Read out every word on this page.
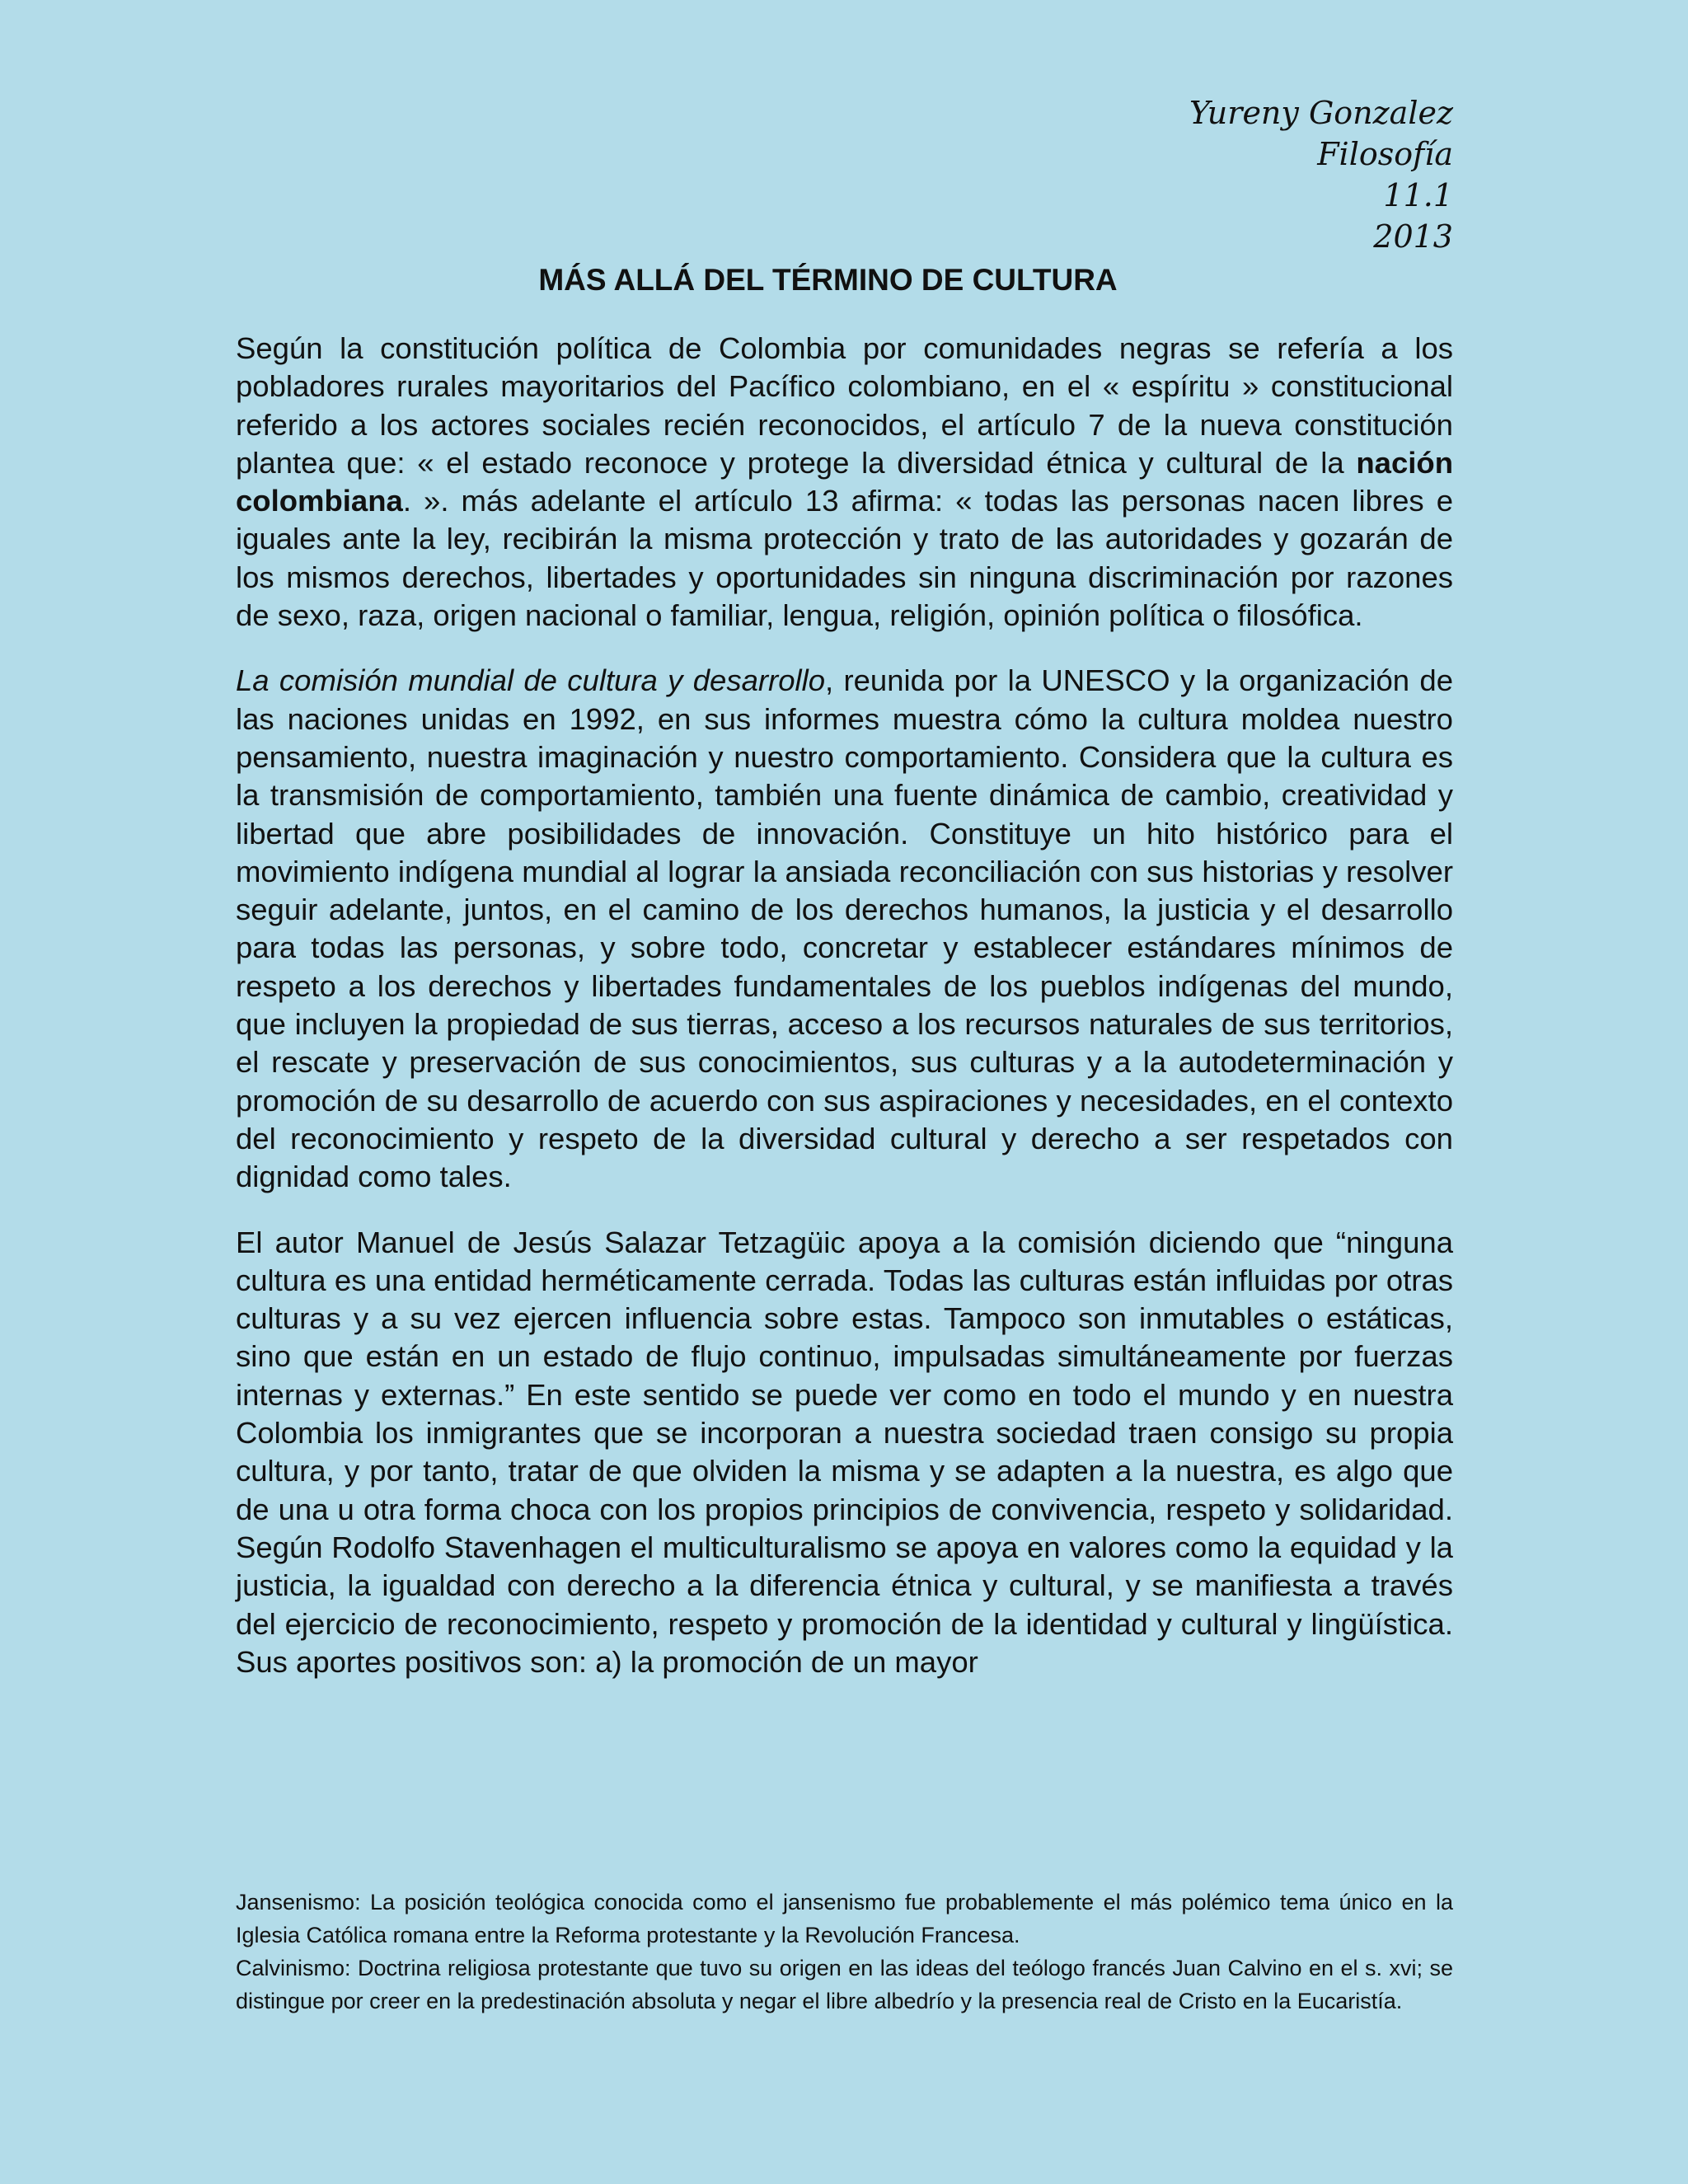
Yureny Gonzalez
Filosofía
11.1
2013
MÁS ALLÁ DEL TÉRMINO DE CULTURA

Según la constitución política de Colombia por comunidades negras se refería a los pobladores rurales mayoritarios del Pacífico colombiano, en el « espíritu » constitucional referido a los actores sociales recién reconocidos, el artículo 7 de la nueva constitución plantea que: « el estado reconoce y protege la diversidad étnica y cultural de la nación colombiana. ». más adelante el artículo 13 afirma: « todas las personas nacen libres e iguales ante la ley, recibirán la misma protección y trato de las autoridades y gozarán de los mismos derechos, libertades y oportunidades sin ninguna discriminación por razones de sexo, raza, origen nacional o familiar, lengua, religión, opinión política o filosófica.

La comisión mundial de cultura y desarrollo, reunida por la UNESCO y la organización de las naciones unidas en 1992, en sus informes muestra cómo la cultura moldea nuestro pensamiento, nuestra imaginación y nuestro comportamiento. Considera que la cultura es la transmisión de comportamiento, también una fuente dinámica de cambio, creatividad y libertad que abre posibilidades de innovación. Constituye un hito histórico para el movimiento indígena mundial al lograr la ansiada reconciliación con sus historias y resolver seguir adelante, juntos, en el camino de los derechos humanos, la justicia y el desarrollo para todas las personas, y sobre todo, concretar y establecer estándares mínimos de respeto a los derechos y libertades fundamentales de los pueblos indígenas del mundo, que incluyen la propiedad de sus tierras, acceso a los recursos naturales de sus territorios, el rescate y preservación de sus conocimientos, sus culturas y a la autodeterminación y promoción de su desarrollo de acuerdo con sus aspiraciones y necesidades, en el contexto del reconocimiento y respeto de la diversidad cultural y derecho a ser respetados con dignidad como tales.

El autor Manuel de Jesús Salazar Tetzagüic apoya a la comisión diciendo que “ninguna cultura es una entidad herméticamente cerrada. Todas las culturas están influidas por otras culturas y a su vez ejercen influencia sobre estas. Tampoco son inmutables o estáticas, sino que están en un estado de flujo continuo, impulsadas simultáneamente por fuerzas internas y externas.” En este sentido se puede ver como en todo el mundo y en nuestra Colombia los inmigrantes que se incorporan a nuestra sociedad traen consigo su propia cultura, y por tanto, tratar de que olviden la misma y se adapten a la nuestra, es algo que de una u otra forma choca con los propios principios de convivencia, respeto y solidaridad. Según Rodolfo Stavenhagen el multiculturalismo se apoya en valores como la equidad y la justicia, la igualdad con derecho a la diferencia étnica y cultural, y se manifiesta a través del ejercicio de reconocimiento, respeto y promoción de la identidad y cultural y lingüística. Sus aportes positivos son: a) la promoción de un mayor

Jansenismo: La posición teológica conocida como el jansenismo fue probablemente el más polémico tema único en la Iglesia Católica romana entre la Reforma protestante y la Revolución Francesa.

Calvinismo: Doctrina religiosa protestante que tuvo su origen en las ideas del teólogo francés Juan Calvino en el s. xvi; se distingue por creer en la predestinación absoluta y negar el libre albedrío y la presencia real de Cristo en la Eucaristía.
